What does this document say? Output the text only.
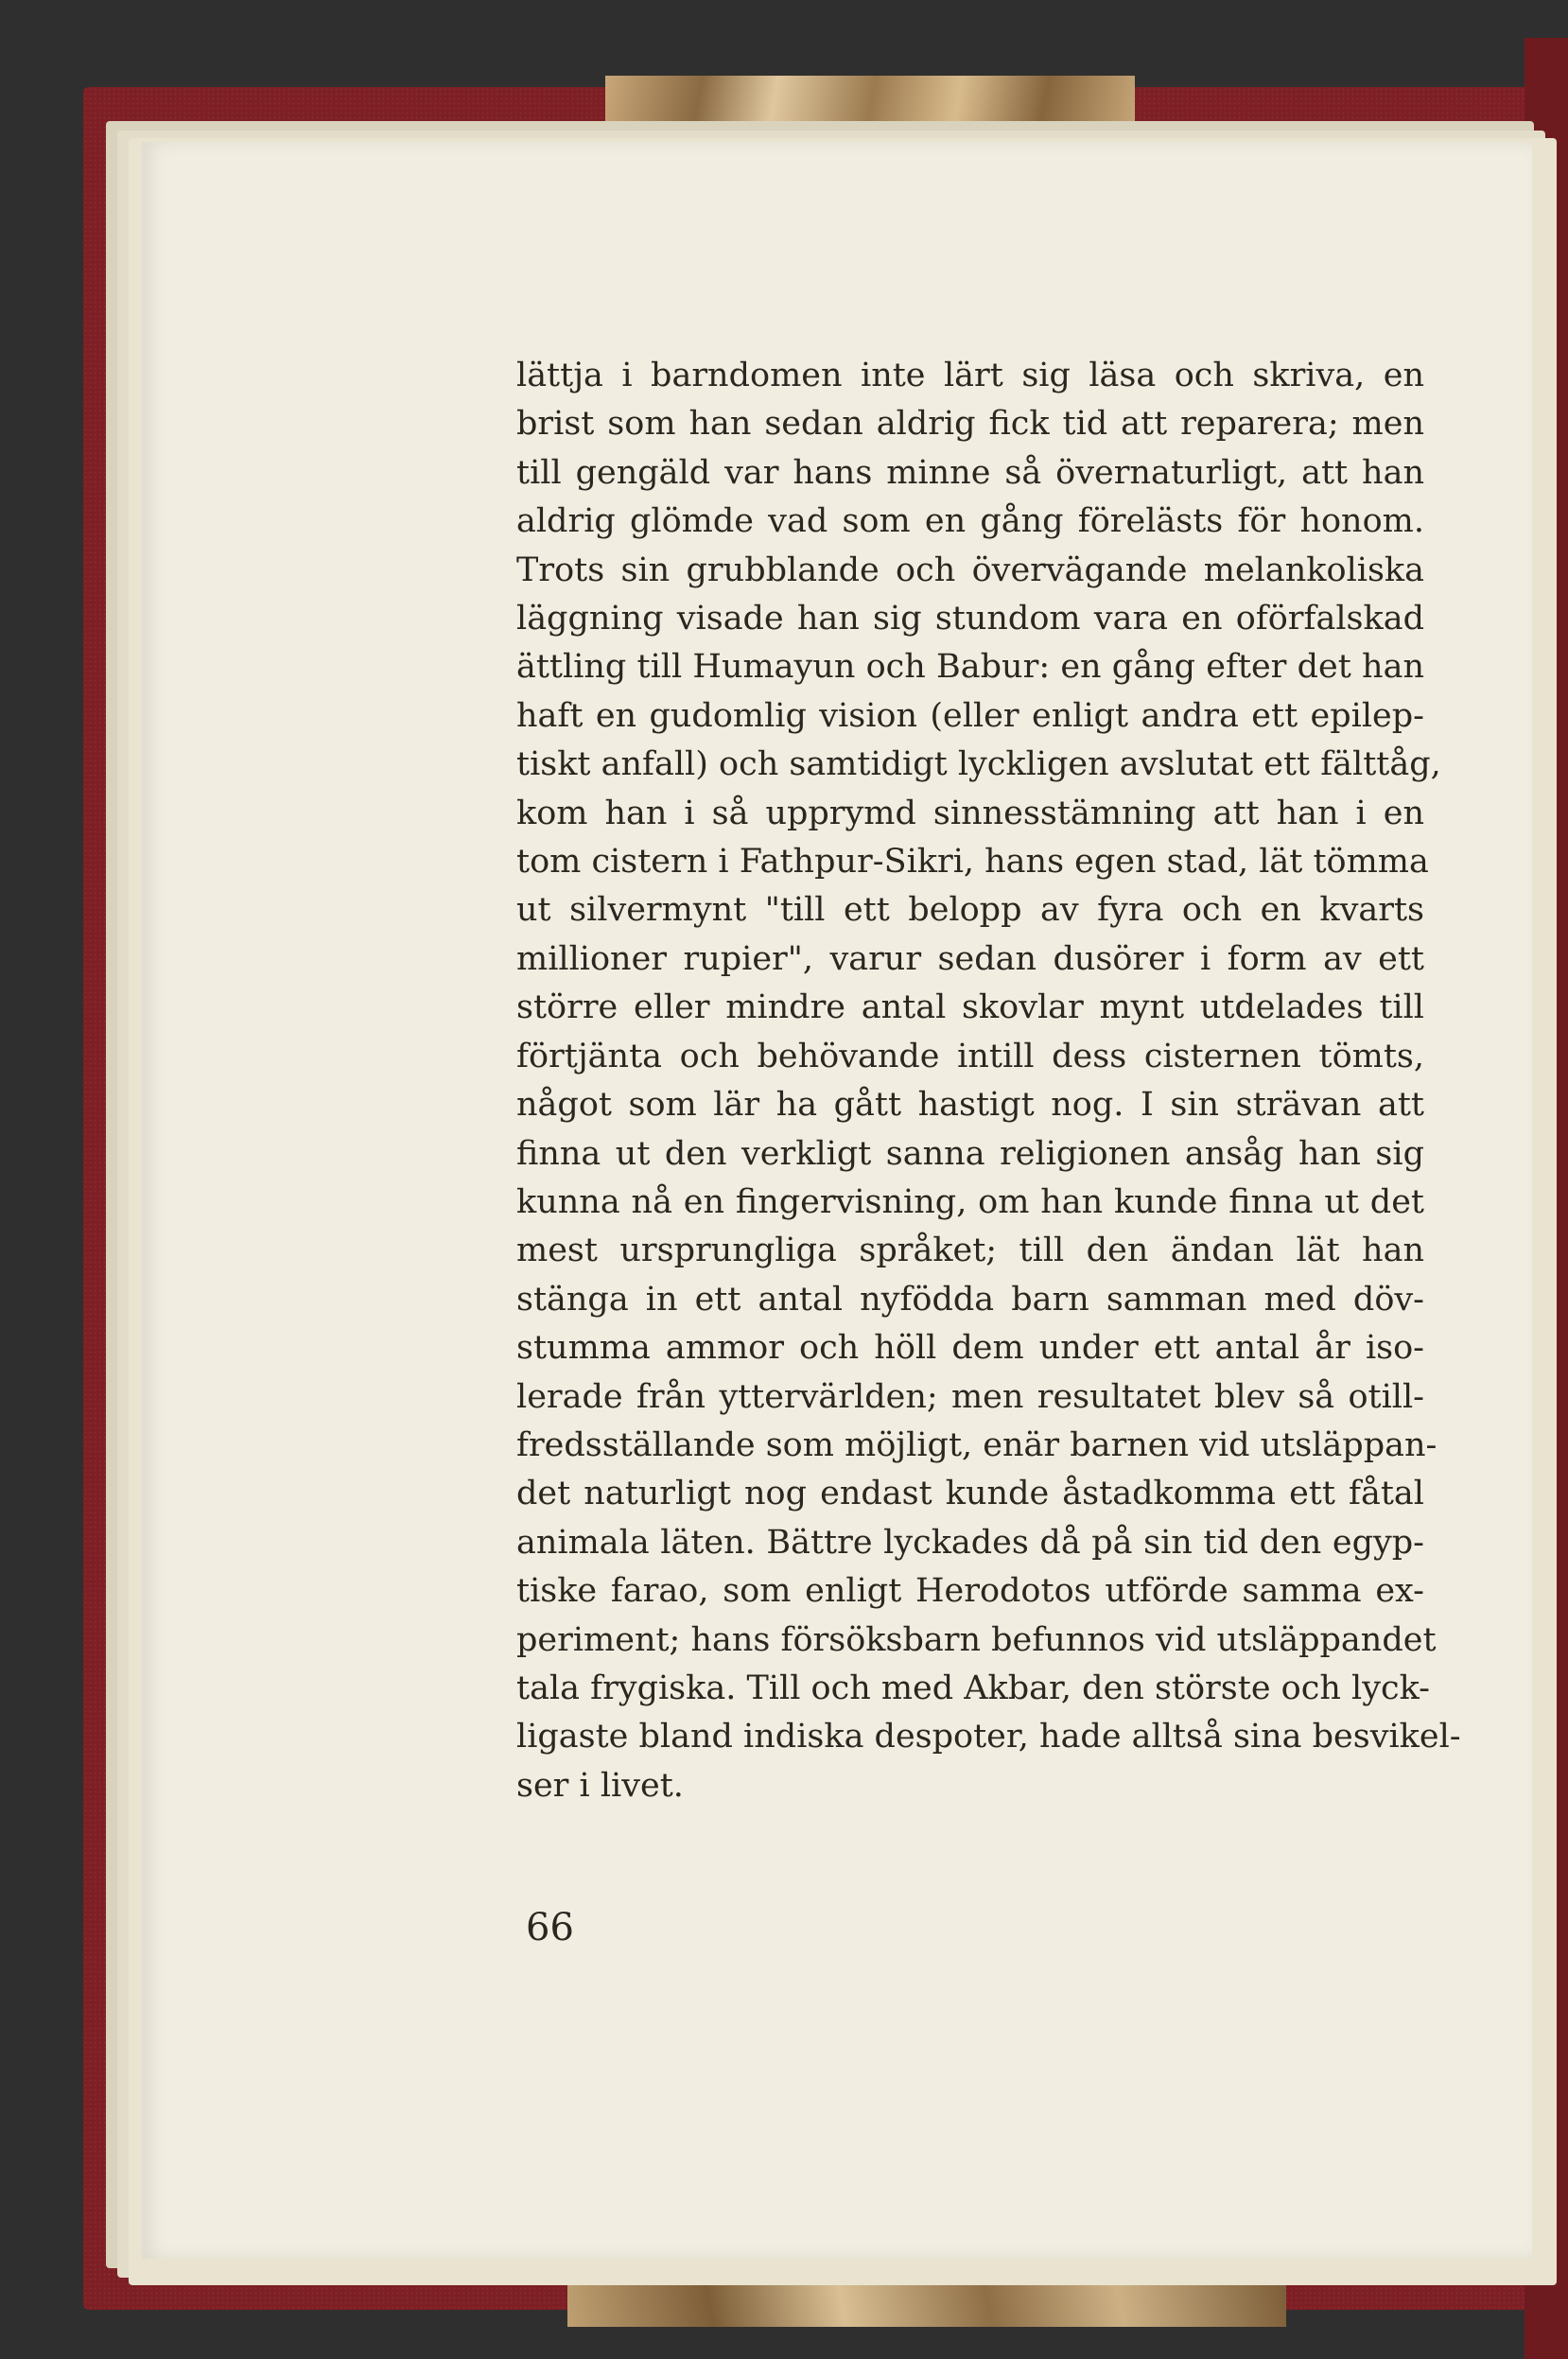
lättja i barndomen inte lärt sig läsa och skriva, en
brist som han sedan aldrig fick tid att reparera; men
till gengäld var hans minne så övernaturligt, att han
aldrig glömde vad som en gång förelästs för honom.
Trots sin grubblande och övervägande melankoliska
läggning visade han sig stundom vara en oförfalskad
ättling till Humayun och Babur: en gång efter det han
haft en gudomlig vision (eller enligt andra ett epilep-
tiskt anfall) och samtidigt lyckligen avslutat ett fälttåg,
kom han i så upprymd sinnesstämning att han i en
tom cistern i Fathpur-Sikri, hans egen stad, lät tömma
ut silvermynt "till ett belopp av fyra och en kvarts
millioner rupier", varur sedan dusörer i form av ett
större eller mindre antal skovlar mynt utdelades till
förtjänta och behövande intill dess cisternen tömts,
något som lär ha gått hastigt nog. I sin strävan att
finna ut den verkligt sanna religionen ansåg han sig
kunna nå en fingervisning, om han kunde finna ut det
mest ursprungliga språket; till den ändan lät han
stänga in ett antal nyfödda barn samman med döv-
stumma ammor och höll dem under ett antal år iso-
lerade från yttervärlden; men resultatet blev så otill-
fredsställande som möjligt, enär barnen vid utsläppan-
det naturligt nog endast kunde åstadkomma ett fåtal
animala läten. Bättre lyckades då på sin tid den egyp-
tiske farao, som enligt Herodotos utförde samma ex-
periment; hans försöksbarn befunnos vid utsläppandet
tala frygiska. Till och med Akbar, den störste och lyck-
ligaste bland indiska despoter, hade alltså sina besvikel-
ser i livet.
66
